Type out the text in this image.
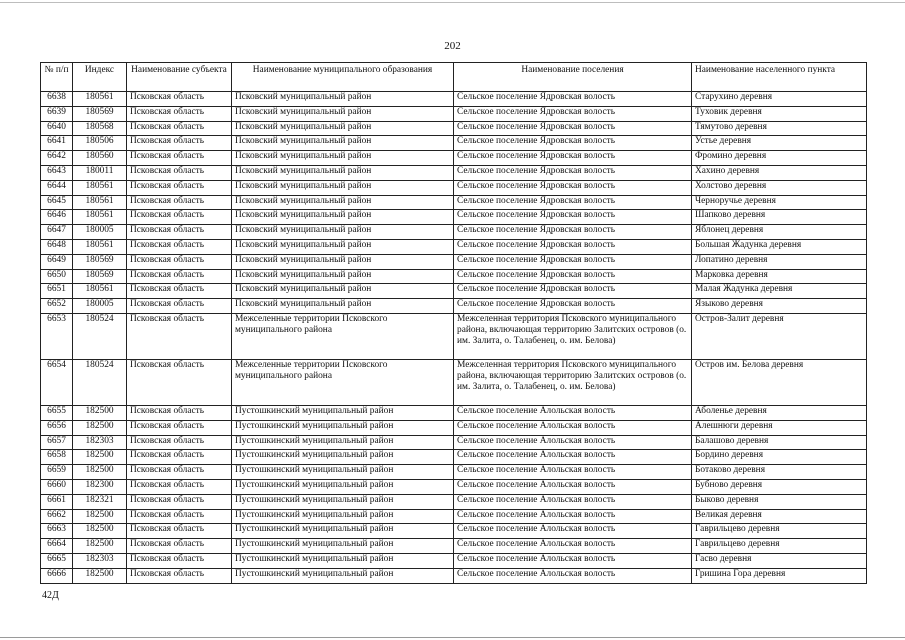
202
№ п/п	Индекс	Наименование субъекта	Наименование муниципального образования	Наименование поселения	Наименование населенного пункта
6638	180561	Псковская область	Псковский муниципальный район	Сельское поселение Ядровская волость	Старухино деревня
6639	180569	Псковская область	Псковский муниципальный район	Сельское поселение Ядровская волость	Туховик деревня
6640	180568	Псковская область	Псковский муниципальный район	Сельское поселение Ядровская волость	Тямутово деревня
6641	180506	Псковская область	Псковский муниципальный район	Сельское поселение Ядровская волость	Устье деревня
6642	180560	Псковская область	Псковский муниципальный район	Сельское поселение Ядровская волость	Фромино деревня
6643	180011	Псковская область	Псковский муниципальный район	Сельское поселение Ядровская волость	Хахино деревня
6644	180561	Псковская область	Псковский муниципальный район	Сельское поселение Ядровская волость	Холстово деревня
6645	180561	Псковская область	Псковский муниципальный район	Сельское поселение Ядровская волость	Черноручье деревня
6646	180561	Псковская область	Псковский муниципальный район	Сельское поселение Ядровская волость	Шапково деревня
6647	180005	Псковская область	Псковский муниципальный район	Сельское поселение Ядровская волость	Яблонец деревня
6648	180561	Псковская область	Псковский муниципальный район	Сельское поселение Ядровская волость	Большая Жадунка деревня
6649	180569	Псковская область	Псковский муниципальный район	Сельское поселение Ядровская волость	Лопатино деревня
6650	180569	Псковская область	Псковский муниципальный район	Сельское поселение Ядровская волость	Марковка деревня
6651	180561	Псковская область	Псковский муниципальный район	Сельское поселение Ядровская волость	Малая Жадунка деревня
6652	180005	Псковская область	Псковский муниципальный район	Сельское поселение Ядровская волость	Языково деревня
6653	180524	Псковская область	Межселенные территории Псковского муниципального района	Межселенная территория Псковского муниципального района, включающая территорию Залитских островов (о. им. Залита, о. Талабенец, о. им. Белова)	Остров-Залит деревня
6654	180524	Псковская область	Межселенные территории Псковского муниципального района	Межселенная территория Псковского муниципального района, включающая территорию Залитских островов (о. им. Залита, о. Талабенец, о. им. Белова)	Остров им. Белова деревня
6655	182500	Псковская область	Пустошкинский муниципальный район	Сельское поселение Алольская волость	Аболенье деревня
6656	182500	Псковская область	Пустошкинский муниципальный район	Сельское поселение Алольская волость	Алешнюги деревня
6657	182303	Псковская область	Пустошкинский муниципальный район	Сельское поселение Алольская волость	Балашово деревня
6658	182500	Псковская область	Пустошкинский муниципальный район	Сельское поселение Алольская волость	Бордино деревня
6659	182500	Псковская область	Пустошкинский муниципальный район	Сельское поселение Алольская волость	Ботаково деревня
6660	182300	Псковская область	Пустошкинский муниципальный район	Сельское поселение Алольская волость	Бубново деревня
6661	182321	Псковская область	Пустошкинский муниципальный район	Сельское поселение Алольская волость	Быково деревня
6662	182500	Псковская область	Пустошкинский муниципальный район	Сельское поселение Алольская волость	Великая деревня
6663	182500	Псковская область	Пустошкинский муниципальный район	Сельское поселение Алольская волость	Гаврильцево деревня
6664	182500	Псковская область	Пустошкинский муниципальный район	Сельское поселение Алольская волость	Гаврильцево деревня
6665	182303	Псковская область	Пустошкинский муниципальный район	Сельское поселение Алольская волость	Гасво деревня
6666	182500	Псковская область	Пустошкинский муниципальный район	Сельское поселение Алольская волость	Гришина Гора деревня
42Д
